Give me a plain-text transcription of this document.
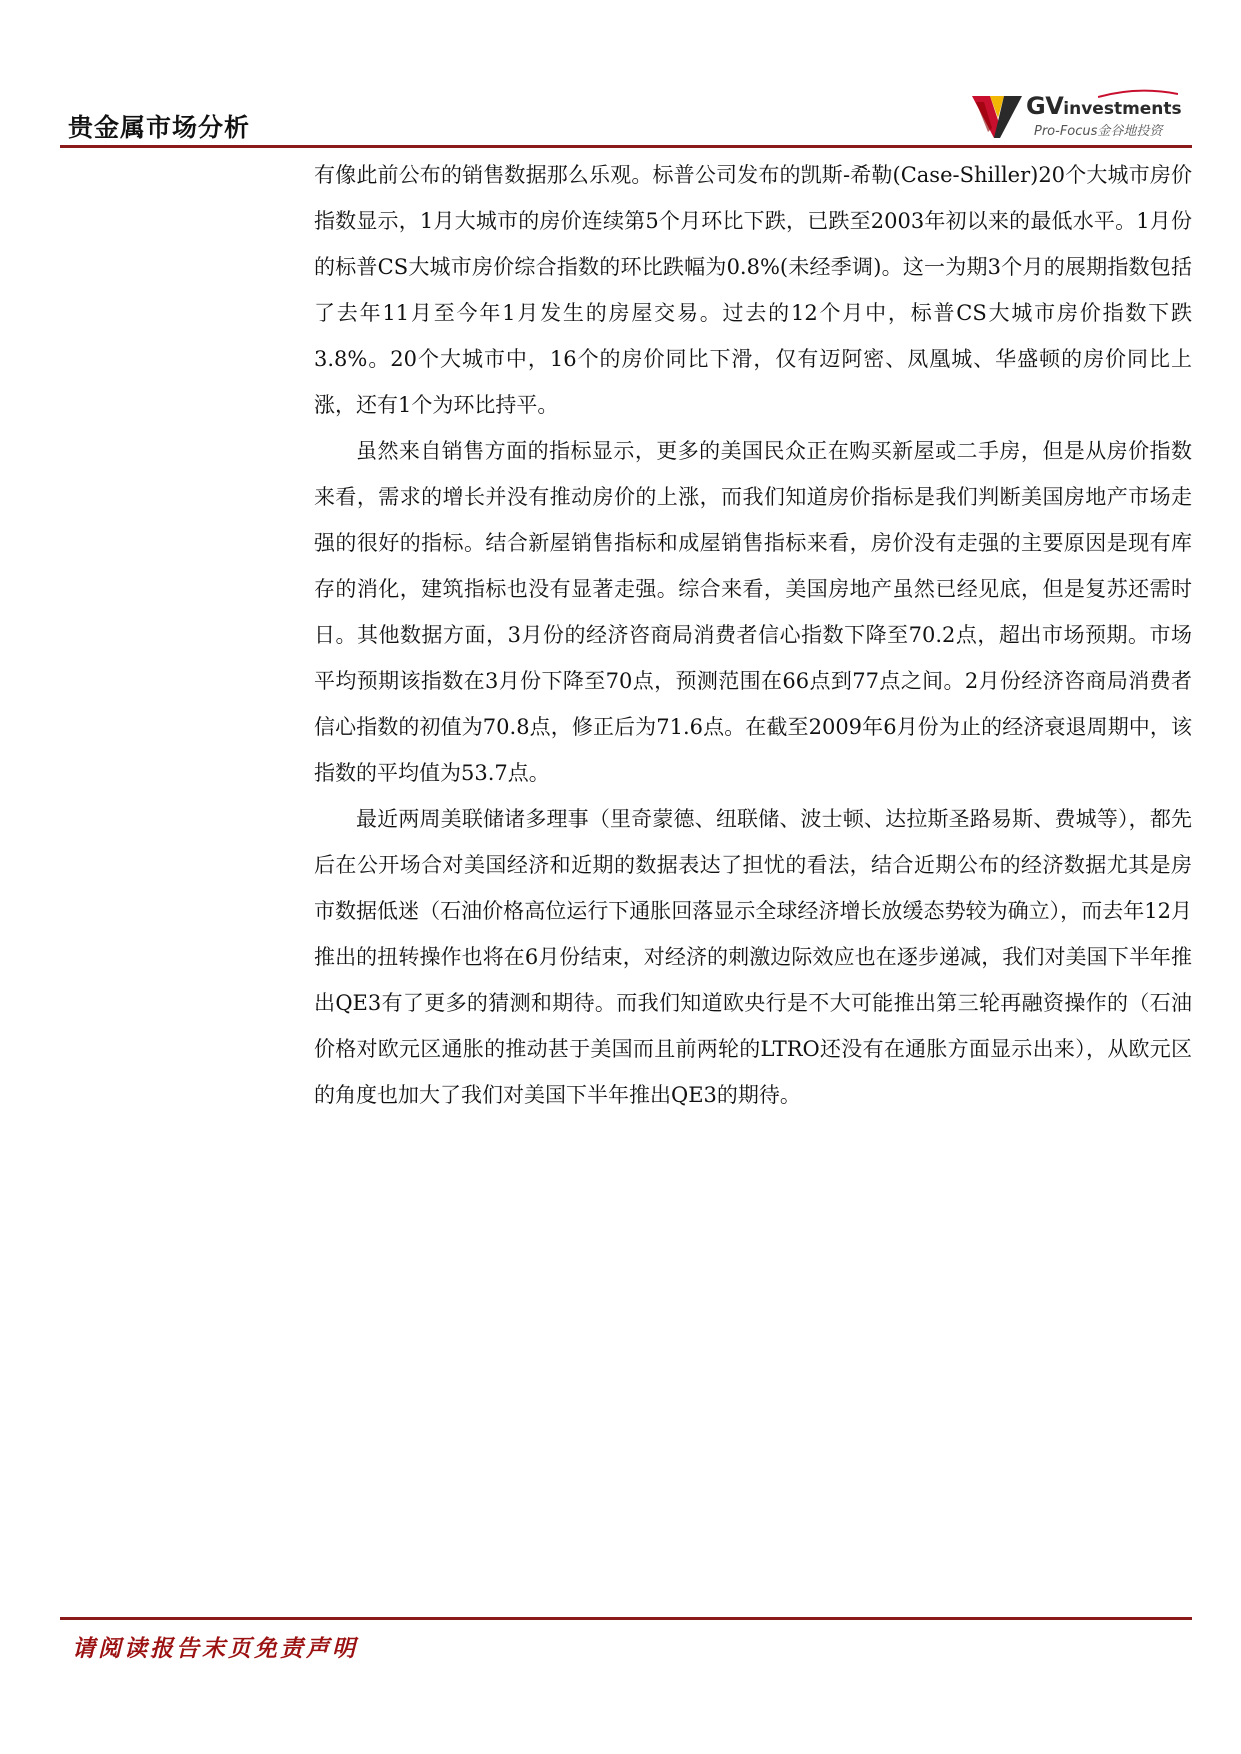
贵金属市场分析
GVinvestments
Pro-Focus金谷地投资

有像此前公布的销售数据那么乐观。标普公司发布的凯斯-希勒(Case-Shiller)20个大城市房价指数显示，1月大城市的房价连续第5个月环比下跌，已跌至2003年初以来的最低水平。1月份的标普CS大城市房价综合指数的环比跌幅为0.8%(未经季调)。这一为期3个月的展期指数包括了去年11月至今年1月发生的房屋交易。过去的12个月中，标普CS大城市房价指数下跌3.8%。20个大城市中，16个的房价同比下滑，仅有迈阿密、凤凰城、华盛顿的房价同比上涨，还有1个为环比持平。

虽然来自销售方面的指标显示，更多的美国民众正在购买新屋或二手房，但是从房价指数来看，需求的增长并没有推动房价的上涨，而我们知道房价指标是我们判断美国房地产市场走强的很好的指标。结合新屋销售指标和成屋销售指标来看，房价没有走强的主要原因是现有库存的消化，建筑指标也没有显著走强。综合来看，美国房地产虽然已经见底，但是复苏还需时日。其他数据方面，3月份的经济咨商局消费者信心指数下降至70.2点，超出市场预期。市场平均预期该指数在3月份下降至70点，预测范围在66点到77点之间。2月份经济咨商局消费者信心指数的初值为70.8点，修正后为71.6点。在截至2009年6月份为止的经济衰退周期中，该指数的平均值为53.7点。

最近两周美联储诸多理事（里奇蒙德、纽联储、波士顿、达拉斯圣路易斯、费城等），都先后在公开场合对美国经济和近期的数据表达了担忧的看法，结合近期公布的经济数据尤其是房市数据低迷（石油价格高位运行下通胀回落显示全球经济增长放缓态势较为确立），而去年12月推出的扭转操作也将在6月份结束，对经济的刺激边际效应也在逐步递减，我们对美国下半年推出QE3有了更多的猜测和期待。而我们知道欧央行是不大可能推出第三轮再融资操作的（石油价格对欧元区通胀的推动甚于美国而且前两轮的LTRO还没有在通胀方面显示出来），从欧元区的角度也加大了我们对美国下半年推出QE3的期待。

请阅读报告末页免责声明
